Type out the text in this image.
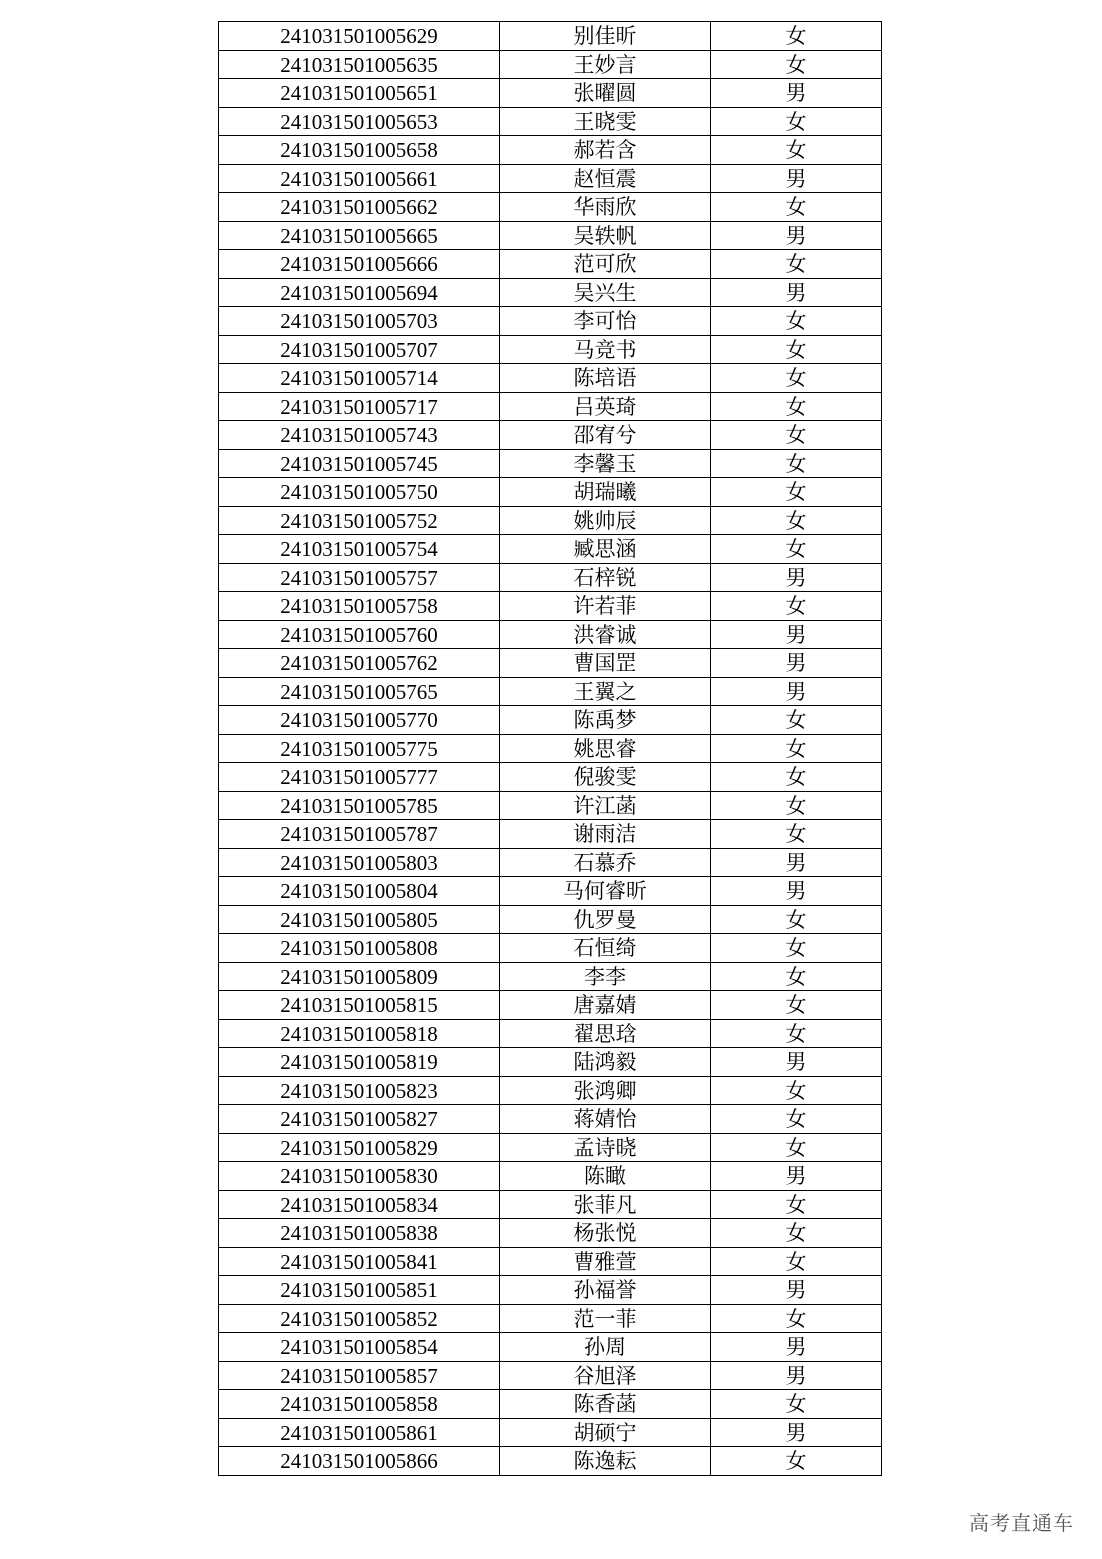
241031501005629	别佳昕	女
241031501005635	王妙言	女
241031501005651	张曜圆	男
241031501005653	王晓雯	女
241031501005658	郝若含	女
241031501005661	赵恒震	男
241031501005662	华雨欣	女
241031501005665	吴轶帆	男
241031501005666	范可欣	女
241031501005694	吴兴生	男
241031501005703	李可怡	女
241031501005707	马竞书	女
241031501005714	陈培语	女
241031501005717	吕英琦	女
241031501005743	邵宥兮	女
241031501005745	李馨玉	女
241031501005750	胡瑞曦	女
241031501005752	姚帅辰	女
241031501005754	臧思涵	女
241031501005757	石梓锐	男
241031501005758	许若菲	女
241031501005760	洪睿诚	男
241031501005762	曹国罡	男
241031501005765	王翼之	男
241031501005770	陈禹梦	女
241031501005775	姚思睿	女
241031501005777	倪骏雯	女
241031501005785	许江菡	女
241031501005787	谢雨洁	女
241031501005803	石慕乔	男
241031501005804	马何睿昕	男
241031501005805	仇罗曼	女
241031501005808	石恒绮	女
241031501005809	李李	女
241031501005815	唐嘉婧	女
241031501005818	翟思琀	女
241031501005819	陆鸿毅	男
241031501005823	张鸿卿	女
241031501005827	蒋婧怡	女
241031501005829	孟诗晓	女
241031501005830	陈瞰	男
241031501005834	张菲凡	女
241031501005838	杨张悦	女
241031501005841	曹雅萱	女
241031501005851	孙福誉	男
241031501005852	范一菲	女
241031501005854	孙周	男
241031501005857	谷旭泽	男
241031501005858	陈香菡	女
241031501005861	胡硕宁	男
241031501005866	陈逸耘	女
高考直通车
